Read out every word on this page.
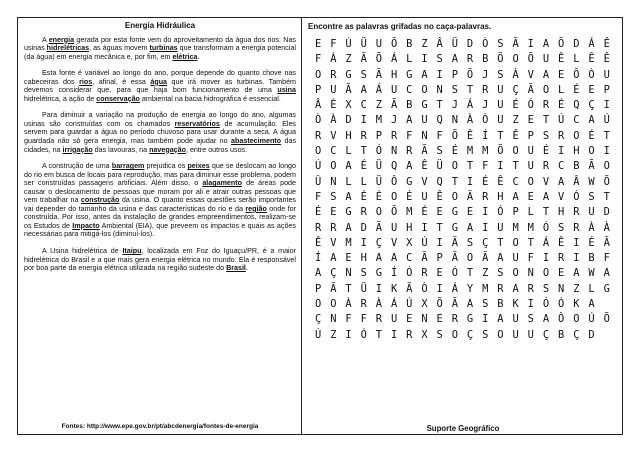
Energia Hidráulica
A energia gerada por esta fonte vem do aproveitamento da água dos rios. Nas usinas hidrelétricas, as águas movem turbinas que transformam a energia potencial (da água) em energia mecânica e, por fim, em elétrica.
Esta fonte é variável ao longo do ano, porque depende do quanto chove nas cabeceiras dos rios, afinal, é essa água que irá mover as turbinas. Também devemos considerar que, para que haja bom funcionamento de uma usina hidrelétrica, a ação de conservação ambiental na bacia hidrográfica é essencial.
Para diminuir a variação na produção de energia ao longo do ano, algumas usinas são construídas com os chamados reservatórios de acumulação. Eles servem para guardar a água no período chuvoso para usar durante a seca. A água guardada não só gera energia, mas também pode ajudar no abastecimento das cidades, na irrigação das lavouras, na navegação, entre outros usos.
A construção de uma barragem prejudica os peixes que se deslocam ao longo do rio em busca de locais para reprodução, mas para diminuir esse problema, podem ser construídas passagens artificiais. Além disso, o alagamento de áreas pode causar o deslocamento de pessoas que moram por ali e atrair outras pessoas que vem trabalhar na construção da usina. O quanto essas questões serão importantes vai depender do tamanho da usina e das características do rio e da região onde for construída. Por isso, antes da instalação de grandes empreendimentos, realizam-se os Estudos de Impacto Ambiental (EIA), que preveem os impactos e quais as ações necessárias para mitigá-los (diminuí-los).
A Usina hidrelétrica de Itaipu, localizada em Foz do Iguaçu/PR, é a maior hidrelétrica do Brasil e a que mais gera energia elétrica no mundo. Ela é responsável por boa parte da energia elétrica utilizada na região sudeste do Brasil.
Fontes: http://www.epe.gov.br/pt/abcdenergia/fontes-de-energia
Encontre as palavras grifadas no caça-palavras.
E F Ú Ü U Õ B Z Â Ü D Ò S Ã I A Õ D Á Ê
F Á Z Ã Õ Á L I S A R B Õ O Õ U Ê L Ê Ê
O R G S Ã H G A I P Õ J S À V A E Õ Ò U
P U Ã A Á U C O N S T R U Ç Ã O L É E P
Â È X C Z Ã B G T J Á J U É Ó R É Q Ç I
Ò À D I M J A U Q N À Ò U Z E T Ú C A Ú
R V H R P R F N F Õ Ê Í T Ê P S R O É T
O C L T Ó N R Ã S É M M Õ O U É I H O I
Ú O A É Ü Q A Ê Ü O T F I T U R C B Ã O
Û N L L Ü Ô G V Q T I É Ê C O V A Â W Õ
F S A É É O É U Ê O Ã R H A E A V Ó S T
É E G R O Õ M É E G E I Ó P L T H R U D
R R A D Ã U H I T G A I U M M Ó S R À À
Ê V M I Ç V X Ú I Ã S Ç T O T Á Ê I É Ã
Í A E H A A C Ã P Ã O Ã A U F I R I B F
A Ç N S G Í Ó R E Ó T Z S O N O E A W A
P Ã T Ü I K Ã Ò I Á Y M R A R S N Z L G
O O À R À Á Ú X Õ Ã A S B K I Ó Ó K A
Ç N F F R U E N E R G I A U S A Ô O Ú Õ
Ú Z I Ó T I R X S O Ç S O U U Ç B Ç D
Suporte Geográfico
